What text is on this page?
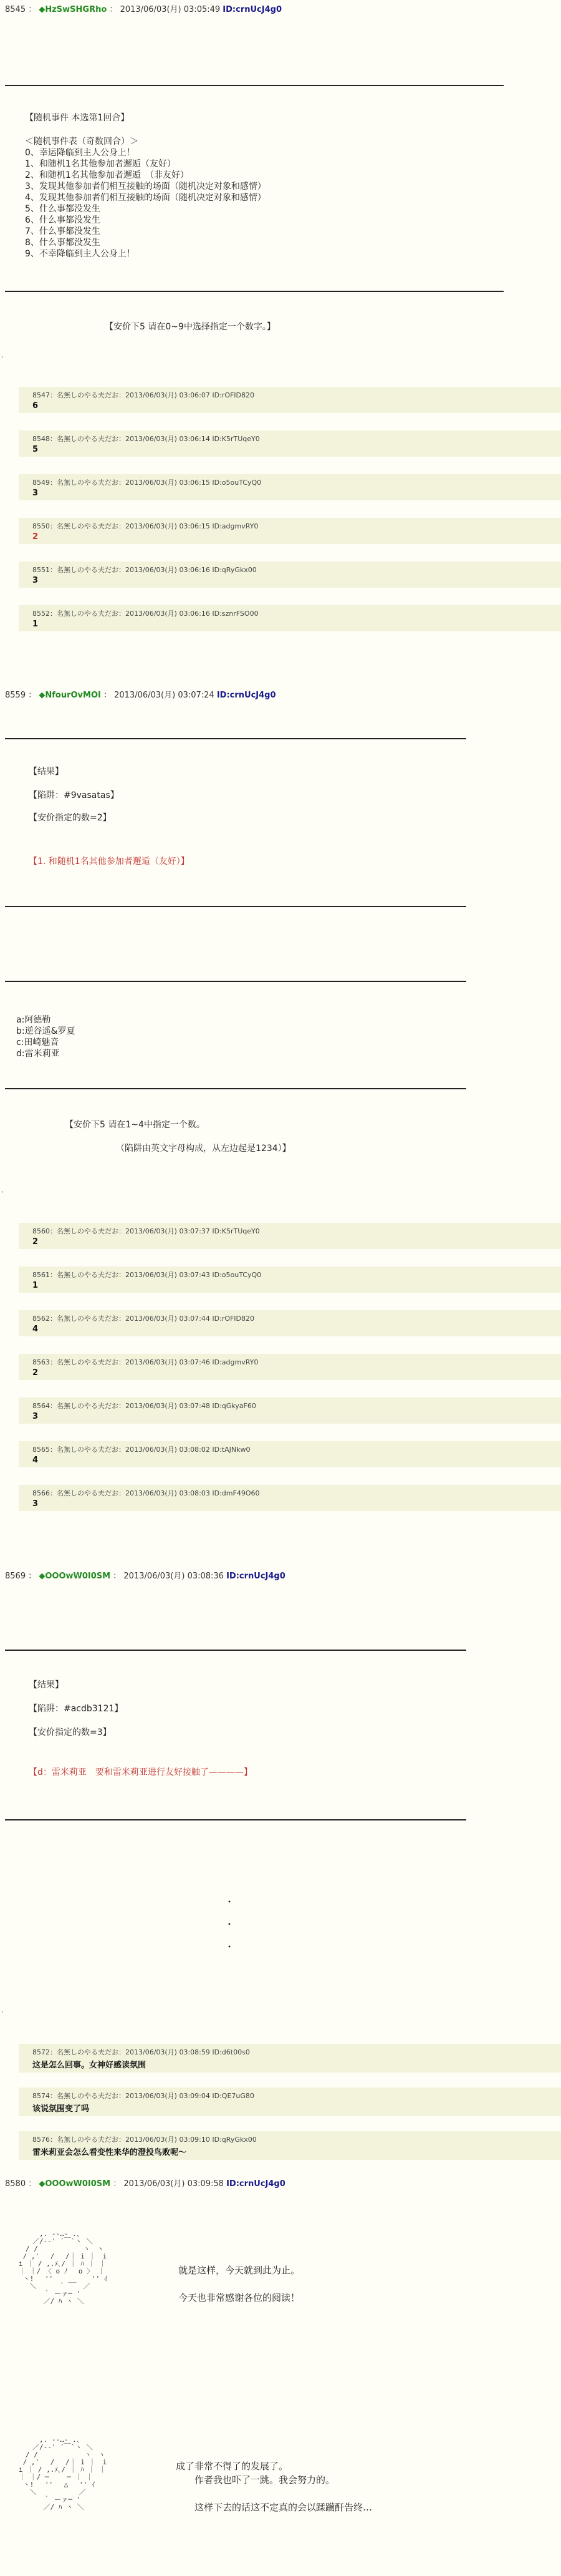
8545 ： ◆HzSwSHGRho ： 2013/06/03(月) 03:05:49 ID:crnUcJ4g0
【随机事件 本选第1回合】
＜随机事件表（奇数回合）＞
0、幸运降临到主人公身上！
1、和随机1名其他参加者邂逅（友好）
2、和随机1名其他参加者邂逅　（非友好）
3、发现其他参加者们相互接触的场面（随机决定对象和感情）
4、发现其他参加者们相互接触的场面（随机决定对象和感情）
5、什么事都没发生
6、什么事都没发生
7、什么事都没发生
8、什么事都没发生
9、不幸降临到主人公身上！
【安价下5 请在0~9中选择指定一个数字。】
'
8547：名無しのやる夫だお：2013/06/03(月) 03:06:07 ID:rOFID820
6
8548：名無しのやる夫だお：2013/06/03(月) 03:06:14 ID:K5rTUqeY0
5
8549：名無しのやる夫だお：2013/06/03(月) 03:06:15 ID:o5ouTCyQ0
3
8550：名無しのやる夫だお：2013/06/03(月) 03:06:15 ID:adgmvRY0
2
8551：名無しのやる夫だお：2013/06/03(月) 03:06:16 ID:qRyGkx00
3
8552：名無しのやる夫だお：2013/06/03(月) 03:06:16 ID:sznrFSO00
1
8559 ： ◆NfourOvMOI ： 2013/06/03(月) 03:07:24 ID:crnUcJ4g0
【结果】
【陷阱：#9vasatas】
【安价指定的数=2】
【1. 和随机1名其他参加者邂逅（友好）】
a:阿德勒
b:逆谷遥&罗夏
c:田崎魅音
d:雷米莉亚
【安价下5 请在1~4中指定一个数。
（陷阱由英文字母构成，从左边起是1234）】
'
8560：名無しのやる夫だお：2013/06/03(月) 03:07:37 ID:K5rTUqeY0
2
8561：名無しのやる夫だお：2013/06/03(月) 03:07:43 ID:o5ouTCyQ0
1
8562：名無しのやる夫だお：2013/06/03(月) 03:07:44 ID:rOFID820
4
8563：名無しのやる夫だお：2013/06/03(月) 03:07:46 ID:adgmvRY0
2
8564：名無しのやる夫だお：2013/06/03(月) 03:07:48 ID:qGkyaF60
3
8565：名無しのやる夫だお：2013/06/03(月) 03:08:02 ID:tAJNkw0
4
8566：名無しのやる夫だお：2013/06/03(月) 03:08:03 ID:dmF49O60
3
8569 ： ◆OOOwW0I0SM ： 2013/06/03(月) 03:08:36 ID:crnUcJ4g0
【结果】
【陷阱：#acdb3121】
【安价指定的数=3】
【d：雷米莉亚　要和雷米莉亚进行友好接触了————】
・
・
・
'
8572：名無しのやる夫だお：2013/06/03(月) 03:08:59 ID:d6t00s0
这是怎么回事。女神好感读氛围
8574：名無しのやる夫だお：2013/06/03(月) 03:09:04 ID:QE7uG80
该说氛围变了吗
8576：名無しのやる夫だお：2013/06/03(月) 03:09:10 ID:qRyGkx00
雷米莉亚会怎么看变性来华的澄投鸟败呢～
8580 ： ◆OOOwW0I0SM ： 2013/06/03(月) 03:09:58 ID:crnUcJ4g0
　　　　　,. -‐…‐ .、
　　　　／/-‐' ´￣`ヽ ＼
　　　/ /　　　　　　 ヽ　ヽ
　　 / ,'　 /　 /｜ i ｜　i
　　i ｜ / ,.ﾒ､/ ｜ ﾊ ｜ ｜
　　｜ ｜/ 〈 o ﾉ　 o 〉 ｜
　　 ヽ!　 '' 　 __ 　 '' ｲ
　　　 ＼ 　　 ｀　　 ／
　　　　　 ｀ ーァ─ '
　　　　　 ／/ ﾊ ヽ ＼
就是这样，今天就到此为止。

今天也非常感谢各位的阅读！
　　　　　,. -‐…‐ .、
　　　　／/-‐' ´￣`ヽ ＼
　　　/ /　　 　 　　 ヽ　ヽ
　　 / ,'　 /　 /｜ i ｜　i
　　i ｜ / ,.ﾒ､/ ｜ ﾊ ｜ ｜
　　｜ ｜/ ─　　 ─ ｜ ｜
　　 ヽ!　 '' 　△　 '' ｲ
　　　 ＼ 　　　　　 ／
　　　　　 ｀ ーァ─ '
　　　　　 ／/ ﾊ ヽ ＼
成了非常不得了的发展了。
　　作者我也吓了一跳。我会努力的。

　　这样下去的话这不定真的会以蹂躏酐告终…
